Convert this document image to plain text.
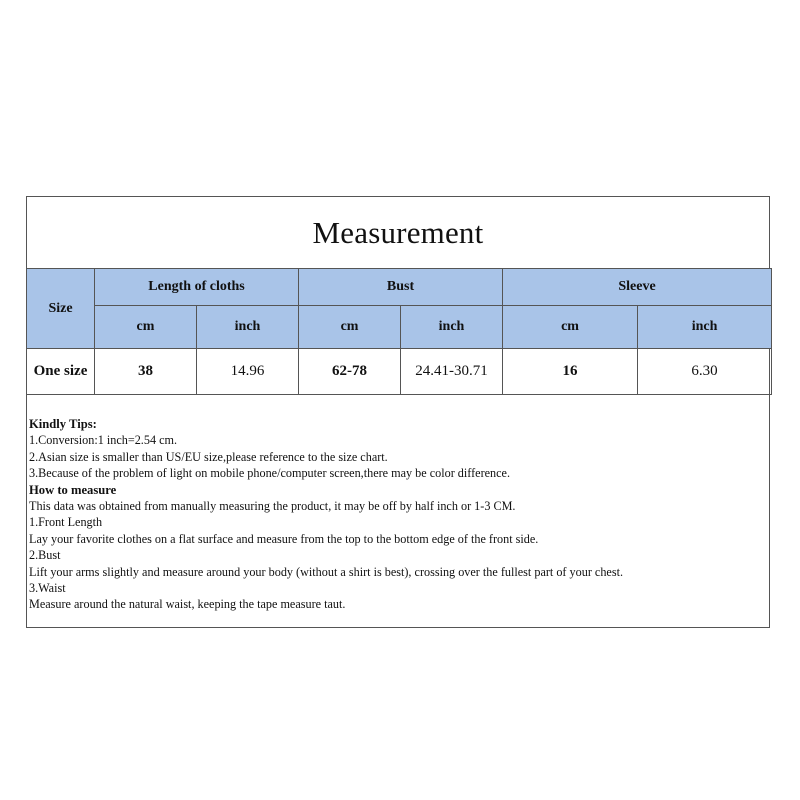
Measurement
Size	Length of cloths		Bust		Sleeve	
	cm	inch	cm	inch	cm	inch
One size	38	14.96	62-78	24.41-30.71	16	6.30
Kindly Tips:
1.Conversion:1 inch=2.54 cm.
2.Asian size is smaller than US/EU size,please reference to the size chart.
3.Because of the problem of light on mobile phone/computer screen,there may be color difference.
How to measure
This data was obtained from manually measuring the product, it may be off by half inch or 1-3 CM.
1.Front Length
Lay your favorite clothes on a flat surface and measure from the top to the bottom edge of the front side.
2.Bust
Lift your arms slightly and measure around your body (without a shirt is best), crossing over the fullest part of your chest.
3.Waist
Measure around the natural waist, keeping the tape measure taut.
